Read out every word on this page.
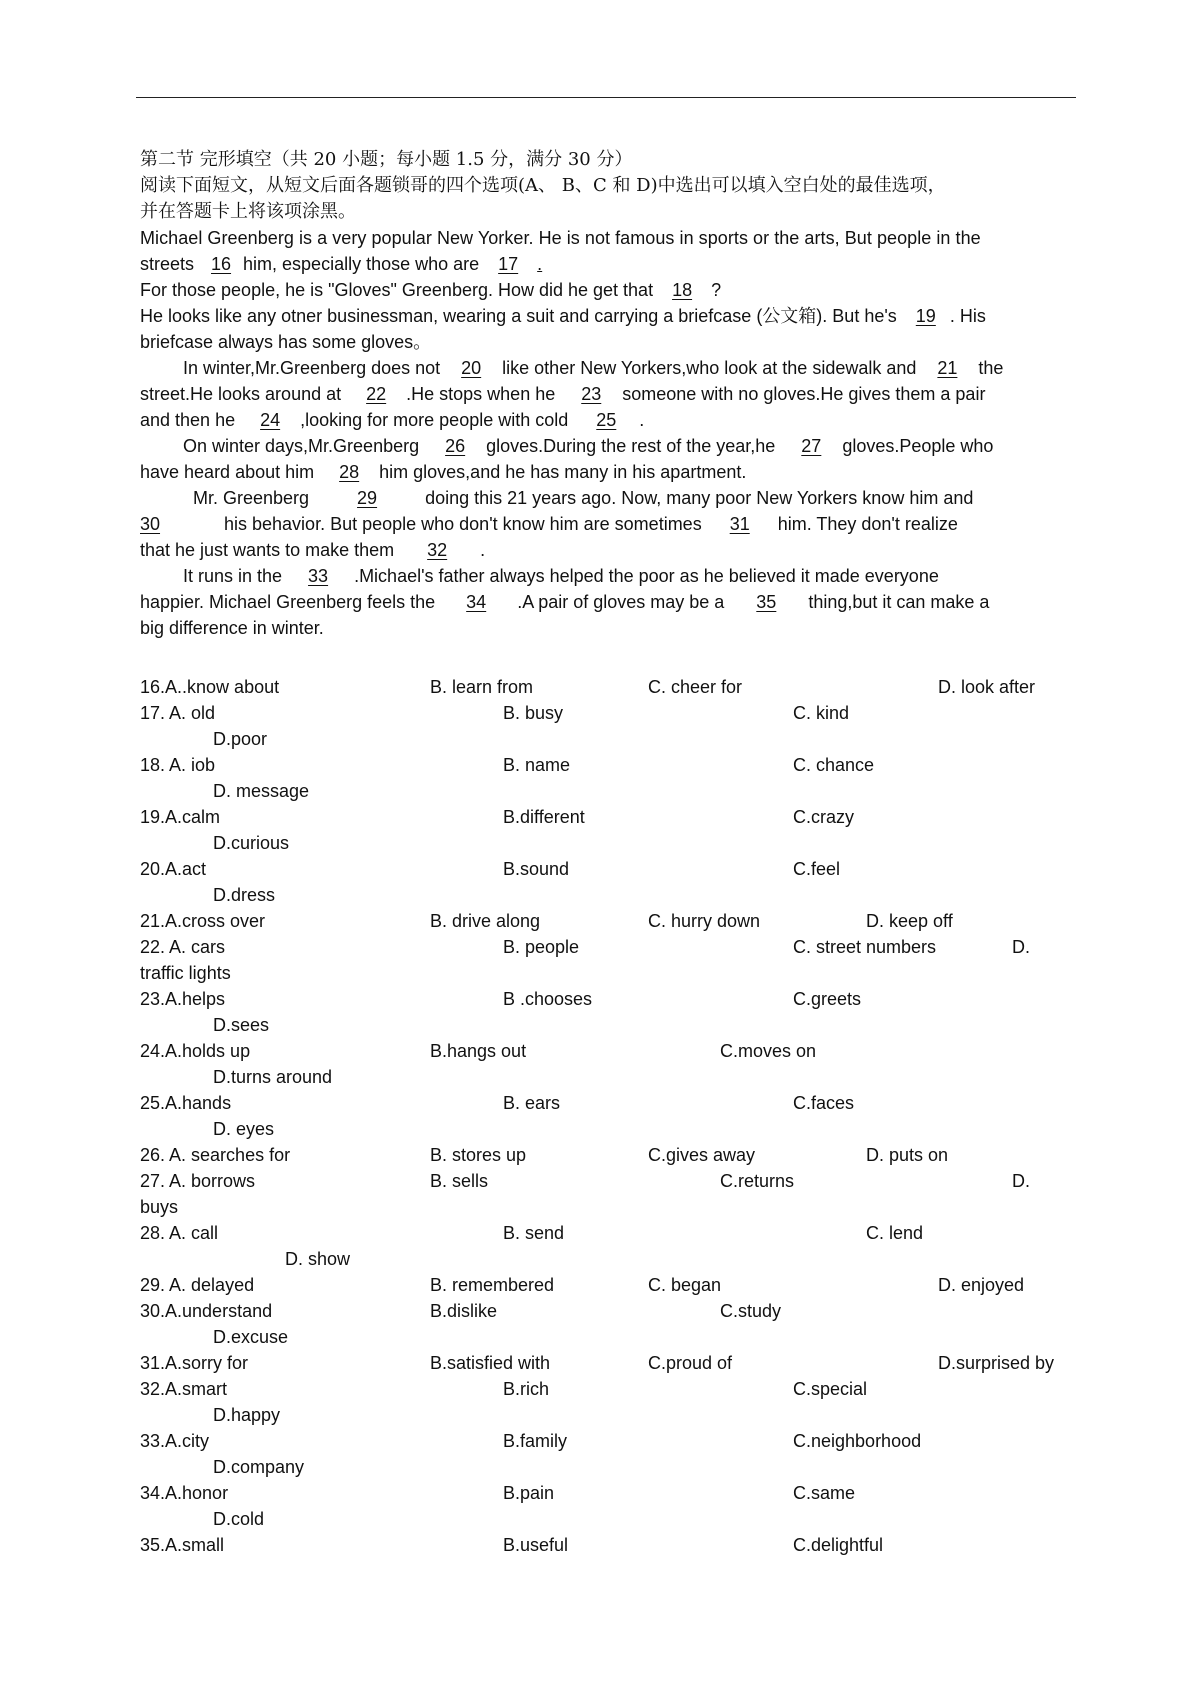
第二节 完形填空（共 20 小题；每小题 1.5 分，满分 30 分）
阅读下面短文，从短文后面各题锁哥的四个选项(A、 B、C 和 D)中选出可以填入空白处的最佳选项，
并在答题卡上将该项涂黑。
Michael Greenberg is a very popular New Yorker. He is not famous in sports or the arts, But people in the
streets 16 him, especially those who are 17 .
For those people, he is "Gloves" Greenberg. How did he get that 18 ?
He looks like any otner businessman, wearing a suit and carrying a briefcase (公文箱). But he's 19 . His
briefcase always has some gloves。
In winter,Mr.Greenberg does not 20 like other New Yorkers,who look at the sidewalk and 21 the
street.He looks around at 22 .He stops when he 23 someone with no gloves.He gives them a pair
and then he 24 ,looking for more people with cold 25 .
On winter days,Mr.Greenberg 26 gloves.During the rest of the year,he 27 gloves.People who
have heard about him 28 him gloves,and he has many in his apartment.
Mr. Greenberg	29	doing this 21 years ago. Now, many poor New Yorkers know him and
30	his behavior. But people who don't know him are sometimes 31 him. They don't realize
that he just wants to make them 32 .
It runs in the 33 .Michael's father always helped the poor as he believed it made everyone
happier. Michael Greenberg feels the 34 .A pair of gloves may be a 35 thing,but it can make a
big difference in winter.
16.A..know about	B. learn from	C. cheer for	D. look after
17. A. old	B. busy	C. kind
D.poor
18. A. iob	B. name	C. chance
D. message
19.A.calm	B.different	C.crazy
D.curious
20.A.act	B.sound	C.feel
D.dress
21.A.cross over	B. drive along	C. hurry down	D. keep off
22. A. cars	B. people	C. street numbers	D.
traffic lights
23.A.helps	B .chooses	C.greets
D.sees
24.A.holds up	B.hangs out	C.moves on
D.turns around
25.A.hands	B. ears	C.faces
D. eyes
26. A. searches for	B. stores up	C.gives away	D. puts on
27. A. borrows	B. sells	C.returns	D.
buys
28. A. call	B. send	C. lend
D. show
29. A. delayed	B. remembered	C. began	D. enjoyed
30.A.understand	B.dislike	C.study
D.excuse
31.A.sorry for	B.satisfied with	C.proud of	D.surprised by
32.A.smart	B.rich	C.special
D.happy
33.A.city	B.family	C.neighborhood
D.company
34.A.honor	B.pain	C.same
D.cold
35.A.small	B.useful	C.delightful
